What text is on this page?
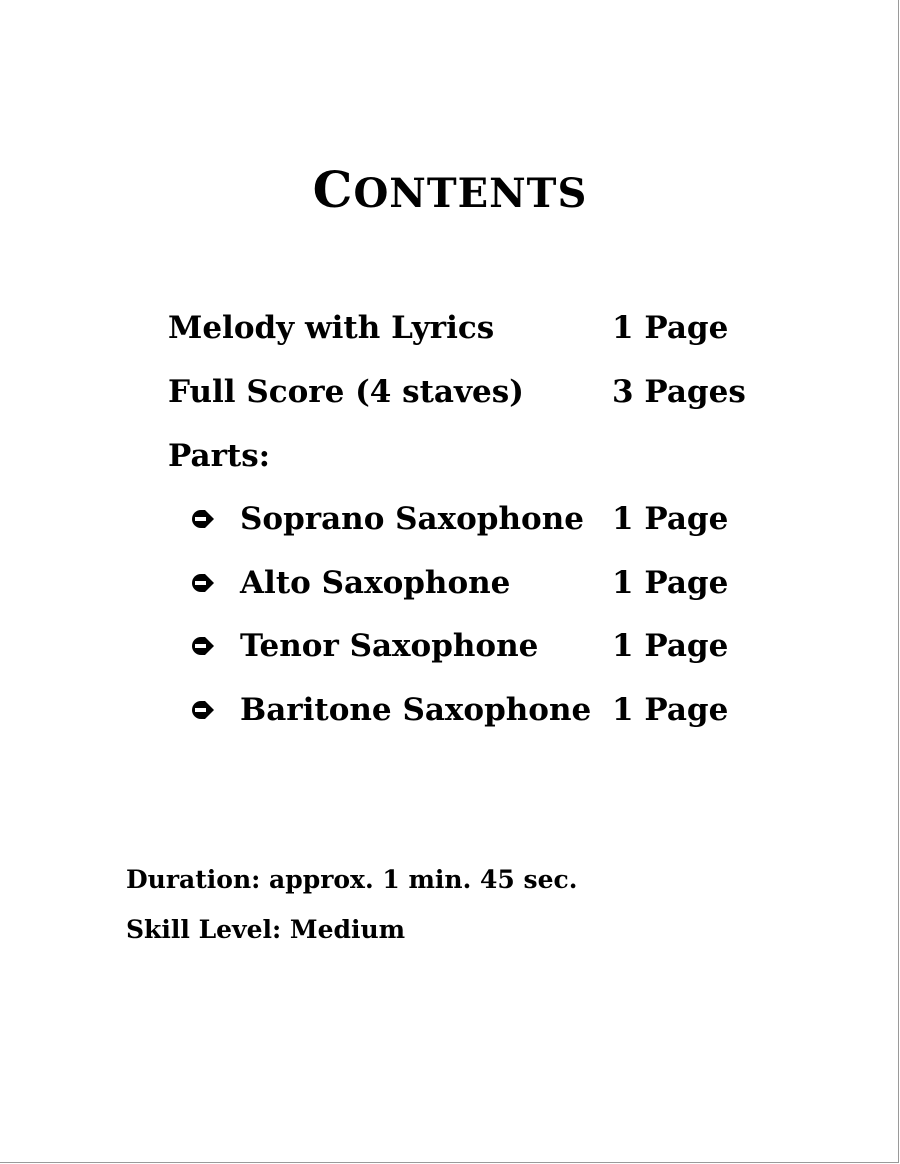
CONTENTS
Melody with Lyrics	1 Page
Full Score (4 staves)	3 Pages
Parts:
Soprano Saxophone 1 Page
Alto Saxophone	1 Page
Tenor Saxophone 1 Page
Baritone Saxophone 1 Page
Duration: approx. 1 min. 45 sec.
Skill Level: Medium
